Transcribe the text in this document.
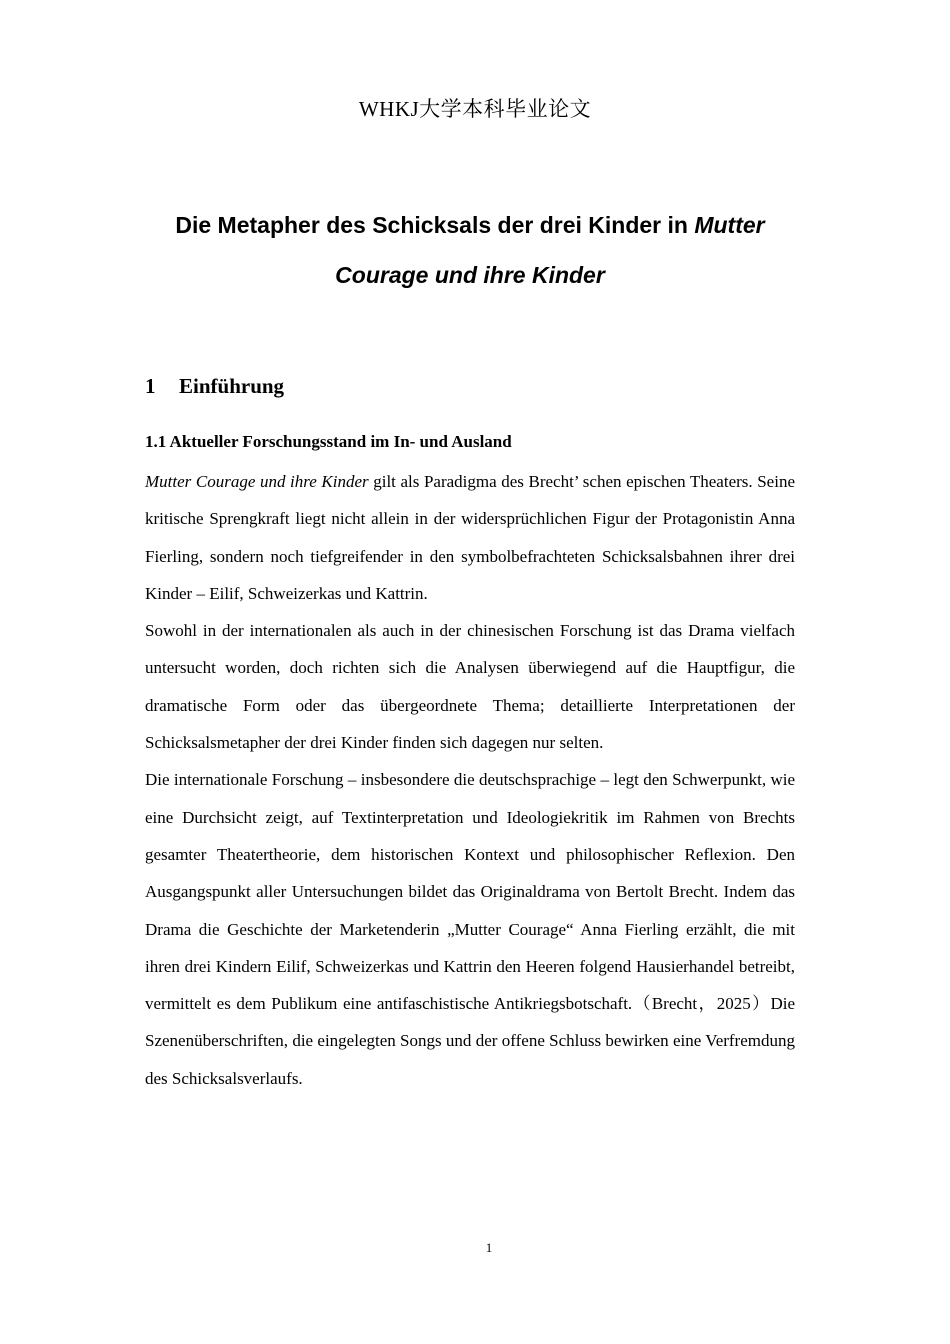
WHKJ大学本科毕业论文
Die Metapher des Schicksals der drei Kinder in Mutter
Courage und ihre Kinder
1 Einführung
1.1 Aktueller Forschungsstand im In- und Ausland

Mutter Courage und ihre Kinder gilt als Paradigma des Brecht’ schen epischen Theaters. Seine kritische Sprengkraft liegt nicht allein in der widersprüchlichen Figur der Protagonistin Anna Fierling, sondern noch tiefgreifender in den symbolbefrachteten Schicksalsbahnen ihrer drei Kinder – Eilif, Schweizerkas und Kattrin.

Sowohl in der internationalen als auch in der chinesischen Forschung ist das Drama vielfach untersucht worden, doch richten sich die Analysen überwiegend auf die Hauptfigur, die dramatische Form oder das übergeordnete Thema; detaillierte Interpretationen der Schicksalsmetapher der drei Kinder finden sich dagegen nur selten.

Die internationale Forschung – insbesondere die deutschsprachige – legt den Schwerpunkt, wie eine Durchsicht zeigt, auf Textinterpretation und Ideologiekritik im Rahmen von Brechts gesamter Theatertheorie, dem historischen Kontext und philosophischer Reflexion. Den Ausgangspunkt aller Untersuchungen bildet das Originaldrama von Bertolt Brecht. Indem das Drama die Geschichte der Marketenderin „Mutter Courage“ Anna Fierling erzählt, die mit ihren drei Kindern Eilif, Schweizerkas und Kattrin den Heeren folgend Hausierhandel betreibt, vermittelt es dem Publikum eine antifaschistische Antikriegsbotschaft.（Brecht，2025）Die Szenenüberschriften, die eingelegten Songs und der offene Schluss bewirken eine Verfremdung des Schicksalsverlaufs.

1
